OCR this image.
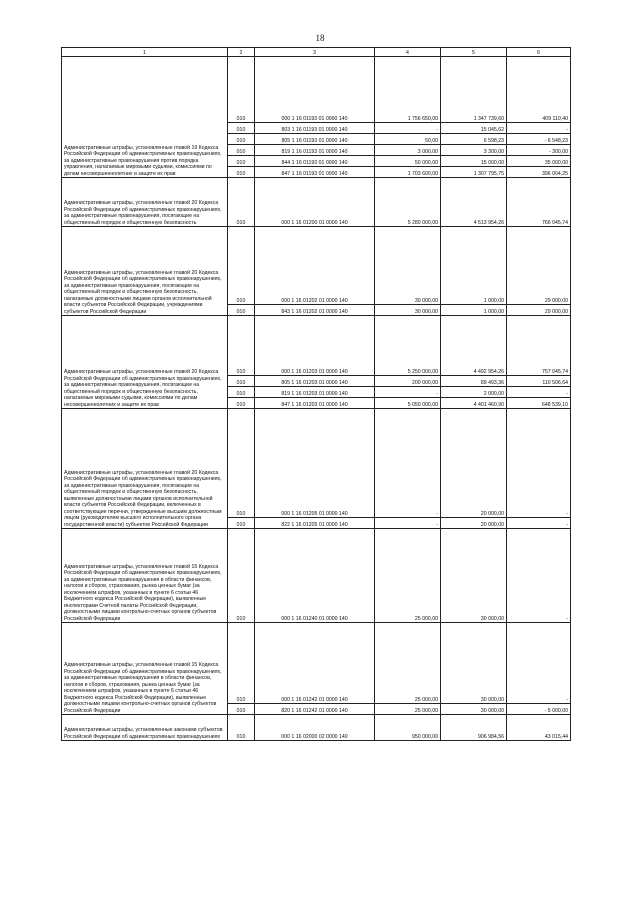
18
1	2	3	4	5	6
Административные штрафы, установленные главой 19 Кодекса Российской Федерации об административных правонарушениях, за административные правонарушения против порядка управления, налагаемые мировыми судьями, комиссиями по делам несовершеннолетних и защите их прав	010	000 1 16 01193 01 0000 140	1 756 650,00	1 347 739,60	409 110,40
	010	803 1 16 01193 01 0000 140	-	15 045,62	-
	010	805 1 16 01193 01 0000 140	50,00	6 598,23	- 6 548,23
	010	819 1 16 01193 01 0000 140	3 000,00	3 300,00	- 300,00
	010	844 1 16 01193 01 0000 140	50 000,00	15 000,00	35 000,00
	010	847 1 16 01193 01 0000 140	1 703 600,00	1 307 795,75	396 004,25
Административные штрафы, установленные главой 20 Кодекса Российской Федерации об административных правонарушениях, за административные правонарушения, посягающие на общественный порядок и общественную безопасность	010	000 1 16 01200 01 0000 140	5 280 000,00	4 513 954,26	766 045,74
Административные штрафы, установленные главой 20 Кодекса Российской Федерации об административных правонарушениях, за административные правонарушения, посягающие на общественный порядок и общественную безопасность, налагаемые должностными лицами органов исполнительной власти субъектов Российской Федерации, учреждениями субъектов Российской Федерации	010	000 1 16 01202 01 0000 140	30 000,00	1 000,00	29 000,00
	010	843 1 16 01202 01 0000 140	30 000,00	1 000,00	29 000,00
Административные штрафы, установленные главой 20 Кодекса Российской Федерации об административных правонарушениях, за административные правонарушения, посягающие на общественный порядок и общественную безопасность, налагаемые мировыми судьями, комиссиями по делам несовершеннолетних и защите их прав	010	000 1 16 01203 01 0000 140	5 250 000,00	4 492 954,26	757 045,74
	010	805 1 16 01203 01 0000 140	200 000,00	89 493,36	110 506,64
	010	819 1 16 01203 01 0000 140	-	2 000,00	-
	010	847 1 16 01203 01 0000 140	5 050 000,00	4 401 460,90	648 539,10
Административные штрафы, установленные главой 20 Кодекса Российской Федерации об административных правонарушениях, за административные правонарушения, посягающие на общественный порядок и общественную безопасность, выявленные должностными лицами органов исполнительной власти субъектов Российской Федерации, включенных в соответствующие перечни, утвержденные высшим должностным лицом (руководителем высшего исполнительного органа государственной власти) субъектов Российской Федерации	010	000 1 16 01205 01 0000 140	-	20 000,00	-
	010	822 1 16 01205 01 0000 140	-	20 000,00	-
Административные штрафы, установленные главой 15 Кодекса Российской Федерации об административных правонарушениях, за административные правонарушения в области финансов, налогов и сборов, страхования, рынка ценных бумаг (за исключением штрафов, указанных в пункте 6 статьи 46 Бюджетного кодекса Российской Федерации), выявленные инспекторами Счетной палаты Российской Федерации, должностными лицами контрольно-счетных органов субъектов Российской Федерации	010	000 1 16 01240 01 0000 140	25 000,00	30 000,00	-
Административные штрафы, установленные главой 15 Кодекса Российской Федерации об административных правонарушениях, за административные правонарушения в области финансов, налогов и сборов, страхования, рынка ценных бумаг (за исключением штрафов, указанных в пункте 6 статьи 46 Бюджетного кодекса Российской Федерации), выявленные должностными лицами контрольно-счетных органов субъектов Российской Федерации	010	000 1 16 01242 01 0000 140	25 000,00	30 000,00	-
	010	820 1 16 01242 01 0000 140	25 000,00	30 000,00	- 5 000,00
Административные штрафы, установленные законами субъектов Российской Федерации об административных правонарушениях	010	000 1 16 02000 02 0000 140	950 000,00	906 984,56	43 015,44
